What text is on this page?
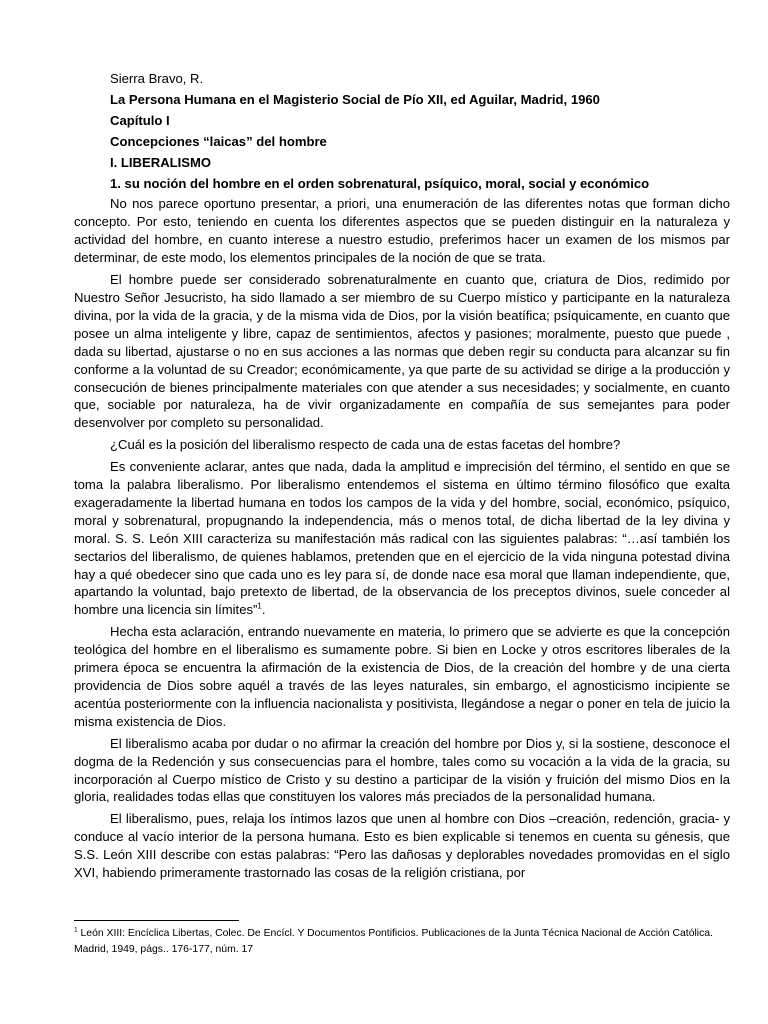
Sierra Bravo, R.
La Persona Humana en el Magisterio Social de Pío XII, ed Aguilar, Madrid, 1960
Capítulo I
Concepciones “laicas” del hombre
I. LIBERALISMO
1. su noción del hombre en el orden sobrenatural, psíquico, moral, social y económico

No nos parece oportuno presentar, a priori, una enumeración de las diferentes notas que forman dicho concepto. Por esto, teniendo en cuenta los diferentes aspectos que se pueden distinguir en la naturaleza y actividad del hombre, en cuanto interese a nuestro estudio, preferimos hacer un examen de los mismos par determinar, de este modo, los elementos principales de la noción de que se trata.

El hombre puede ser considerado sobrenaturalmente en cuanto que, criatura de Dios, redimido por Nuestro Señor Jesucristo, ha sido llamado a ser miembro de su Cuerpo místico y participante en la naturaleza divina, por la vida de la gracia, y de la misma vida de Dios, por la visión beatífica; psíquicamente, en cuanto que posee un alma inteligente y libre, capaz de sentimientos, afectos y pasiones; moralmente, puesto que puede , dada su libertad, ajustarse o no en sus acciones a las normas que deben regir su conducta para alcanzar su fin conforme a la voluntad de su Creador; económicamente, ya que parte de su actividad se dirige a la producción y consecución de bienes principalmente materiales con que atender a sus necesidades; y socialmente, en cuanto que, sociable por naturaleza, ha de vivir organizadamente en compañía de sus semejantes para poder desenvolver por completo su personalidad.

¿Cuál es la posición del liberalismo respecto de cada una de estas facetas del hombre?

Es conveniente aclarar, antes que nada, dada la amplitud e imprecisión del término, el sentido en que se toma la palabra liberalismo. Por liberalismo entendemos el sistema en último término filosófico que exalta exageradamente la libertad humana en todos los campos de la vida y del hombre, social, económico, psíquico, moral y sobrenatural, propugnando la independencia, más o menos total, de dicha libertad de la ley divina y moral. S. S. León XIII caracteriza su manifestación más radical con las siguientes palabras: “…así también los sectarios del liberalismo, de quienes hablamos, pretenden que en el ejercicio de la vida ninguna potestad divina hay a qué obedecer sino que cada uno es ley para sí, de donde nace esa moral que llaman independiente, que, apartando la voluntad, bajo pretexto de libertad, de la observancia de los preceptos divinos, suele conceder al hombre una licencia sin límites”$^1$.

Hecha esta aclaración, entrando nuevamente en materia, lo primero que se advierte es que la concepción teológica del hombre en el liberalismo es sumamente pobre. Si bien en Locke y otros escritores liberales de la primera época se encuentra la afirmación de la existencia de Dios, de la creación del hombre y de una cierta providencia de Dios sobre aquél a través de las leyes naturales, sin embargo, el agnosticismo incipiente se acentúa posteriormente con la influencia nacionalista y positivista, llegándose a negar o poner en tela de juicio la misma existencia de Dios.

El liberalismo acaba por dudar o no afirmar la creación del hombre por Dios y, si la sostiene, desconoce el dogma de la Redención y sus consecuencias para el hombre, tales como su vocación a la vida de la gracia, su incorporación al Cuerpo místico de Cristo y su destino a participar de la visión y fruición del mismo Dios en la gloria, realidades todas ellas que constituyen los valores más preciados de la personalidad humana.

El liberalismo, pues, relaja los íntimos lazos que unen al hombre con Dios –creación, redención, gracia- y conduce al vacío interior de la persona humana. Esto es bien explicable si tenemos en cuenta su génesis, que S.S. León XIII describe con estas palabras: “Pero las dañosas y deplorables novedades promovidas en el siglo XVI, habiendo primeramente trastornado las cosas de la religión cristiana, por

$^1$ León XIII: Encíclica Libertas, Colec. De Encícl. Y Documentos Pontificios. Publicaciones de la Junta Técnica Nacional de Acción Católica. Madrid, 1949, págs.. 176-177, núm. 17
